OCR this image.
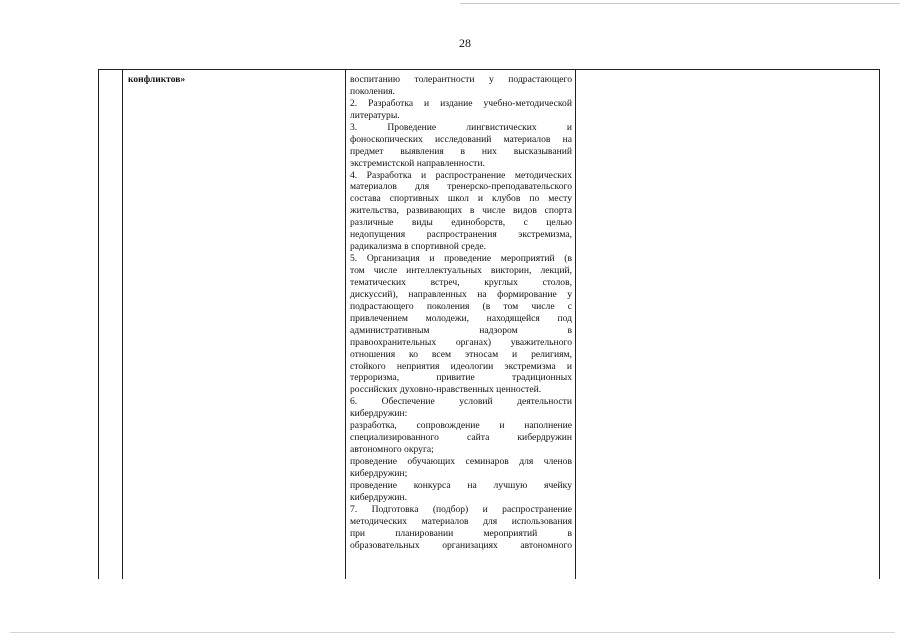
28
конфликтов»	воспитанию толерантности у подрастающего
поколения.
2. Разработка и издание учебно-методической
литературы.
3. Проведение лингвистических и
фоноскопических исследований материалов на
предмет выявления в них высказываний
экстремистской направленности.
4. Разработка и распространение методических
материалов для тренерско-преподавательского
состава спортивных школ и клубов по месту
жительства, развивающих в числе видов спорта
различные виды единоборств, с целью
недопущения распространения экстремизма,
радикализма в спортивной среде.
5. Организация и проведение мероприятий (в
том числе интеллектуальных викторин, лекций,
тематических встреч, круглых столов,
дискуссий), направленных на формирование у
подрастающего поколения (в том числе с
привлечением молодежи, находящейся под
административным надзором в
правоохранительных органах) уважительного
отношения ко всем этносам и религиям,
стойкого неприятия идеологии экстремизма и
терроризма, привитие традиционных
российских духовно-нравственных ценностей.
6. Обеспечение условий деятельности
кибердружин:
разработка, сопровождение и наполнение
специализированного сайта кибердружин
автономного округа;
проведение обучающих семинаров для членов
кибердружин;
проведение конкурса на лучшую ячейку
кибердружин.
7. Подготовка (подбор) и распространение
методических материалов для использования
при планировании мероприятий в
образовательных организациях автономного
